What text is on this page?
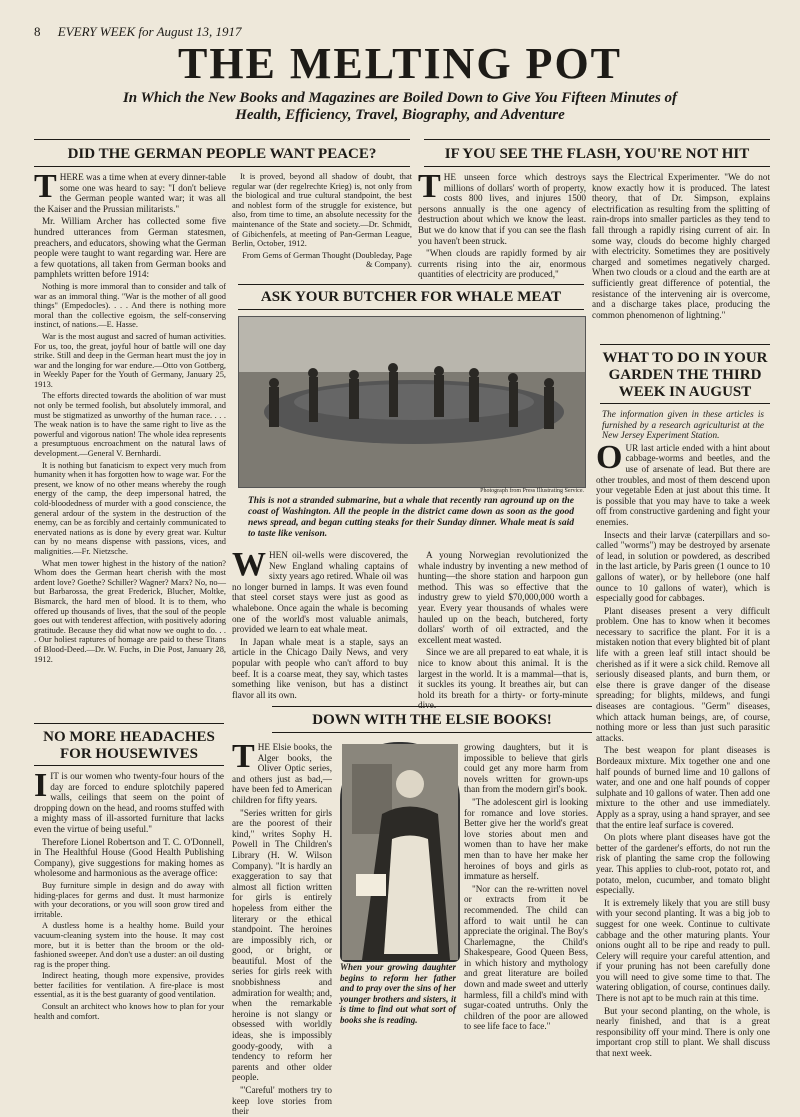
8 EVERY WEEK for August 13, 1917
THE MELTING POT
In Which the New Books and Magazines are Boiled Down to Give You Fifteen Minutes of Health, Efficiency, Travel, Biography, and Adventure
DID THE GERMAN PEOPLE WANT PEACE?

THERE was a time when at every dinner-table some one was heard to say: "I don't believe the German people wanted war; it was all the Kaiser and the Prussian militarists."

Mr. William Archer has collected some five hundred utterances from German statesmen, preachers, and educators, showing what the German people were taught to want regarding war. Here are a few quotations, all taken from German books and pamphlets written before 1914:

Nothing is more immoral than to consider and talk of war as an immoral thing. "War is the mother of all good things" (Empedocles). . . . And there is nothing more moral than the collective egoism, the self-conserving instinct, of nations.—E. Hasse.

War is the most august and sacred of human activities. For us, too, the great, joyful hour of battle will one day strike. Still and deep in the German heart must the joy in war and the longing for war endure.—Otto von Gottberg, in Weekly Paper for the Youth of Germany, January 25, 1913.

The efforts directed towards the abolition of war must not only be termed foolish, but absolutely immoral, and must be stigmatized as unworthy of the human race. . . . The weak nation is to have the same right to live as the powerful and vigorous nation! The whole idea represents a presumptuous encroachment on the natural laws of development.—General V. Bernhardi.

It is nothing but fanaticism to expect very much from humanity when it has forgotten how to wage war. For the present, we know of no other means whereby the rough energy of the camp, the deep impersonal hatred, the cold-bloodedness of murder with a good conscience, the general ardour of the system in the destruction of the enemy, can be as forcibly and certainly communicated to enervated nations as is done by every great war. Kultur can by no means dispense with passions, vices, and malignities.—Fr. Nietzsche.

What men tower highest in the history of the nation? Whom does the German heart cherish with the most ardent love? Goethe? Schiller? Wagner? Marx? No, no—but Barbarossa, the great Frederick, Blucher, Moltke, Bismarck, the hard men of blood. It is to them, who offered up thousands of lives, that the soul of the people goes out with tenderest affection, with positively adoring gratitude. Because they did what now we ought to do. . . . Our holiest raptures of homage are paid to these Titans of Blood-Deed.—Dr. W. Fuchs, in Die Post, January 28, 1912.

It is proved, beyond all shadow of doubt, that regular war (der regelrechte Krieg) is, not only from the biological and true cultural standpoint, the best and noblest form of the struggle for existence, but also, from time to time, an absolute necessity for the maintenance of the State and society.—Dr. Schmidt, of Gibichenfels, at meeting of Pan-German League, Berlin, October, 1912.

From Gems of German Thought (Doubleday, Page & Company).

IF YOU SEE THE FLASH, YOU'RE NOT HIT

THE unseen force which destroys millions of dollars' worth of property, costs 800 lives, and injures 1500 persons annually is the one agency of destruction about which we know the least. But we do know that if you can see the flash you haven't been struck.

"When clouds are rapidly formed by air currents rising into the air, enormous quantities of electricity are produced,"

says the Electrical Experimenter. "We do not know exactly how it is produced. The latest theory, that of Dr. Simpson, explains electrification as resulting from the splitting of rain-drops into smaller particles as they tend to fall through a rapidly rising current of air. In some way, clouds do become highly charged with electricity. Sometimes they are positively charged and sometimes negatively charged. When two clouds or a cloud and the earth are at sufficiently great difference of potential, the resistance of the intervening air is overcome, and a discharge takes place, producing the common phenomenon of lightning."

ASK YOUR BUTCHER FOR WHALE MEAT
Photograph from Press Illustrating Service.
This is not a stranded submarine, but a whale that recently ran aground up on the coast of Washington. All the people in the district came down as soon as the good news spread, and began cutting steaks for their Sunday dinner. Whale meat is said to taste like venison.

WHEN oil-wells were discovered, the New England whaling captains of sixty years ago retired. Whale oil was no longer burned in lamps. It was even found that steel corset stays were just as good as whalebone. Once again the whale is becoming one of the world's most valuable animals, provided we learn to eat whale meat.

In Japan whale meat is a staple, says an article in the Chicago Daily News, and very popular with people who can't afford to buy beef. It is a coarse meat, they say, which tastes something like venison, but has a distinct flavor all its own.

A young Norwegian revolutionized the whale industry by inventing a new method of hunting—the shore station and harpoon gun method. This was so effective that the industry grew to yield $70,000,000 worth a year. Every year thousands of whales were hauled up on the beach, butchered, forty dollars' worth of oil extracted, and the excellent meat wasted.

Since we are all prepared to eat whale, it is nice to know about this animal. It is the largest in the world. It is a mammal—that is, it suckles its young. It breathes air, but can hold its breath for a thirty- or forty-minute dive.

WHAT TO DO IN YOUR GARDEN THE THIRD WEEK IN AUGUST

The information given in these articles is furnished by a research agriculturist at the New Jersey Experiment Station.

OUR last article ended with a hint about cabbage-worms and beetles, and the use of arsenate of lead. But there are other troubles, and most of them descend upon your vegetable Eden at just about this time. It is possible that you may have to take a week off from constructive gardening and fight your enemies.

Insects and their larvæ (caterpillars and so-called "worms") may be destroyed by arsenate of lead, in solution or powdered, as described in the last article, by Paris green (1 ounce to 10 gallons of water), or by hellebore (one half ounce to 10 gallons of water), which is especially good for cabbages.

Plant diseases present a very difficult problem. One has to know when it becomes necessary to sacrifice the plant. For it is a mistaken notion that every blighted bit of plant life with a green leaf still intact should be cherished as if it were a sick child. Remove all seriously diseased plants, and burn them, or else there is grave danger of the disease spreading; for blights, mildews, and fungi diseases are contagious. "Germ" diseases, which attack human beings, are, of course, nothing more or less than just such parasitic attacks.

The best weapon for plant diseases is Bordeaux mixture. Mix together one and one half pounds of burned lime and 10 gallons of water, and one and one half pounds of copper sulphate and 10 gallons of water. Then add one mixture to the other and use immediately. Apply as a spray, using a hand sprayer, and see that the entire leaf surface is covered.

On plots where plant diseases have got the better of the gardener's efforts, do not run the risk of planting the same crop the following year. This applies to club-root, potato rot, and potato, melon, cucumber, and tomato blight especially.

It is extremely likely that you are still busy with your second planting. It was a big job to suggest for one week. Continue to cultivate cabbage and the other maturing plants. Your onions ought all to be ripe and ready to pull. Celery will require your careful attention, and if your pruning has not been carefully done you will need to give some time to that. The watering obligation, of course, continues daily. There is not apt to be much rain at this time.

But your second planting, on the whole, is nearly finished, and that is a great responsibility off your mind. There is only one important crop still to plant. We shall discuss that next week.

NO MORE HEADACHES FOR HOUSEWIVES

IIT is our women who twenty-four hours of the day are forced to endure splotchily papered walls, ceilings that seem on the point of dropping down on the head, and rooms stuffed with a mighty mass of ill-assorted furniture that lacks even the virtue of being useful."

Therefore Lionel Robertson and T. C. O'Donnell, in The Healthful House (Good Health Publishing Company), give suggestions for making homes as wholesome and harmonious as the average office:

Buy furniture simple in design and do away with hiding-places for germs and dust. It must harmonize with your decorations, or you will soon grow tired and irritable.

A dustless home is a healthy home. Build your vacuum-cleaning system into the house. It may cost more, but it is better than the broom or the old-fashioned sweeper. And don't use a duster: an oil dusting rag is the proper thing.

Indirect heating, though more expensive, provides better facilities for ventilation. A fire-place is most essential, as it is the best guaranty of good ventilation.

Consult an architect who knows how to plan for your health and comfort.

DOWN WITH THE ELSIE BOOKS!

THE Elsie books, the Alger books, the Oliver Optic series, and others just as bad,—have been fed to American children for fifty years.

"Series written for girls are the poorest of their kind," writes Sophy H. Powell in The Children's Library (H. W. Wilson Company). "It is hardly an exaggeration to say that almost all fiction written for girls is entirely hopeless from either the literary or the ethical standpoint. The heroines are impossibly rich, or good, or bright, or beautiful. Most of the series for girls reek with snobbishness and admiration for wealth; and, when the remarkable heroine is not slangy or obsessed with worldly ideas, she is impossibly goody-goody, with a tendency to reform her parents and other older people.

"'Careful' mothers try to keep love stories from their

When your growing daughter begins to reform her father and to pray over the sins of her younger brothers and sisters, it is time to find out what sort of books she is reading.

growing daughters, but it is impossible to believe that girls could get any more harm from novels written for grown-ups than from the modern girl's book.

"The adolescent girl is looking for romance and love stories. Better give her the world's great love stories about men and women than to have her make men than to have her make her heroines of boys and girls as immature as herself.

"Nor can the re-written novel or extracts from it be recommended. The child can afford to wait until he can appreciate the original. The Boy's Charlemagne, the Child's Shakespeare, Good Queen Bess, in which history and mythology and great literature are boiled down and made sweet and utterly harmless, fill a child's mind with sugar-coated untruths. Only the children of the poor are allowed to see life face to face."
